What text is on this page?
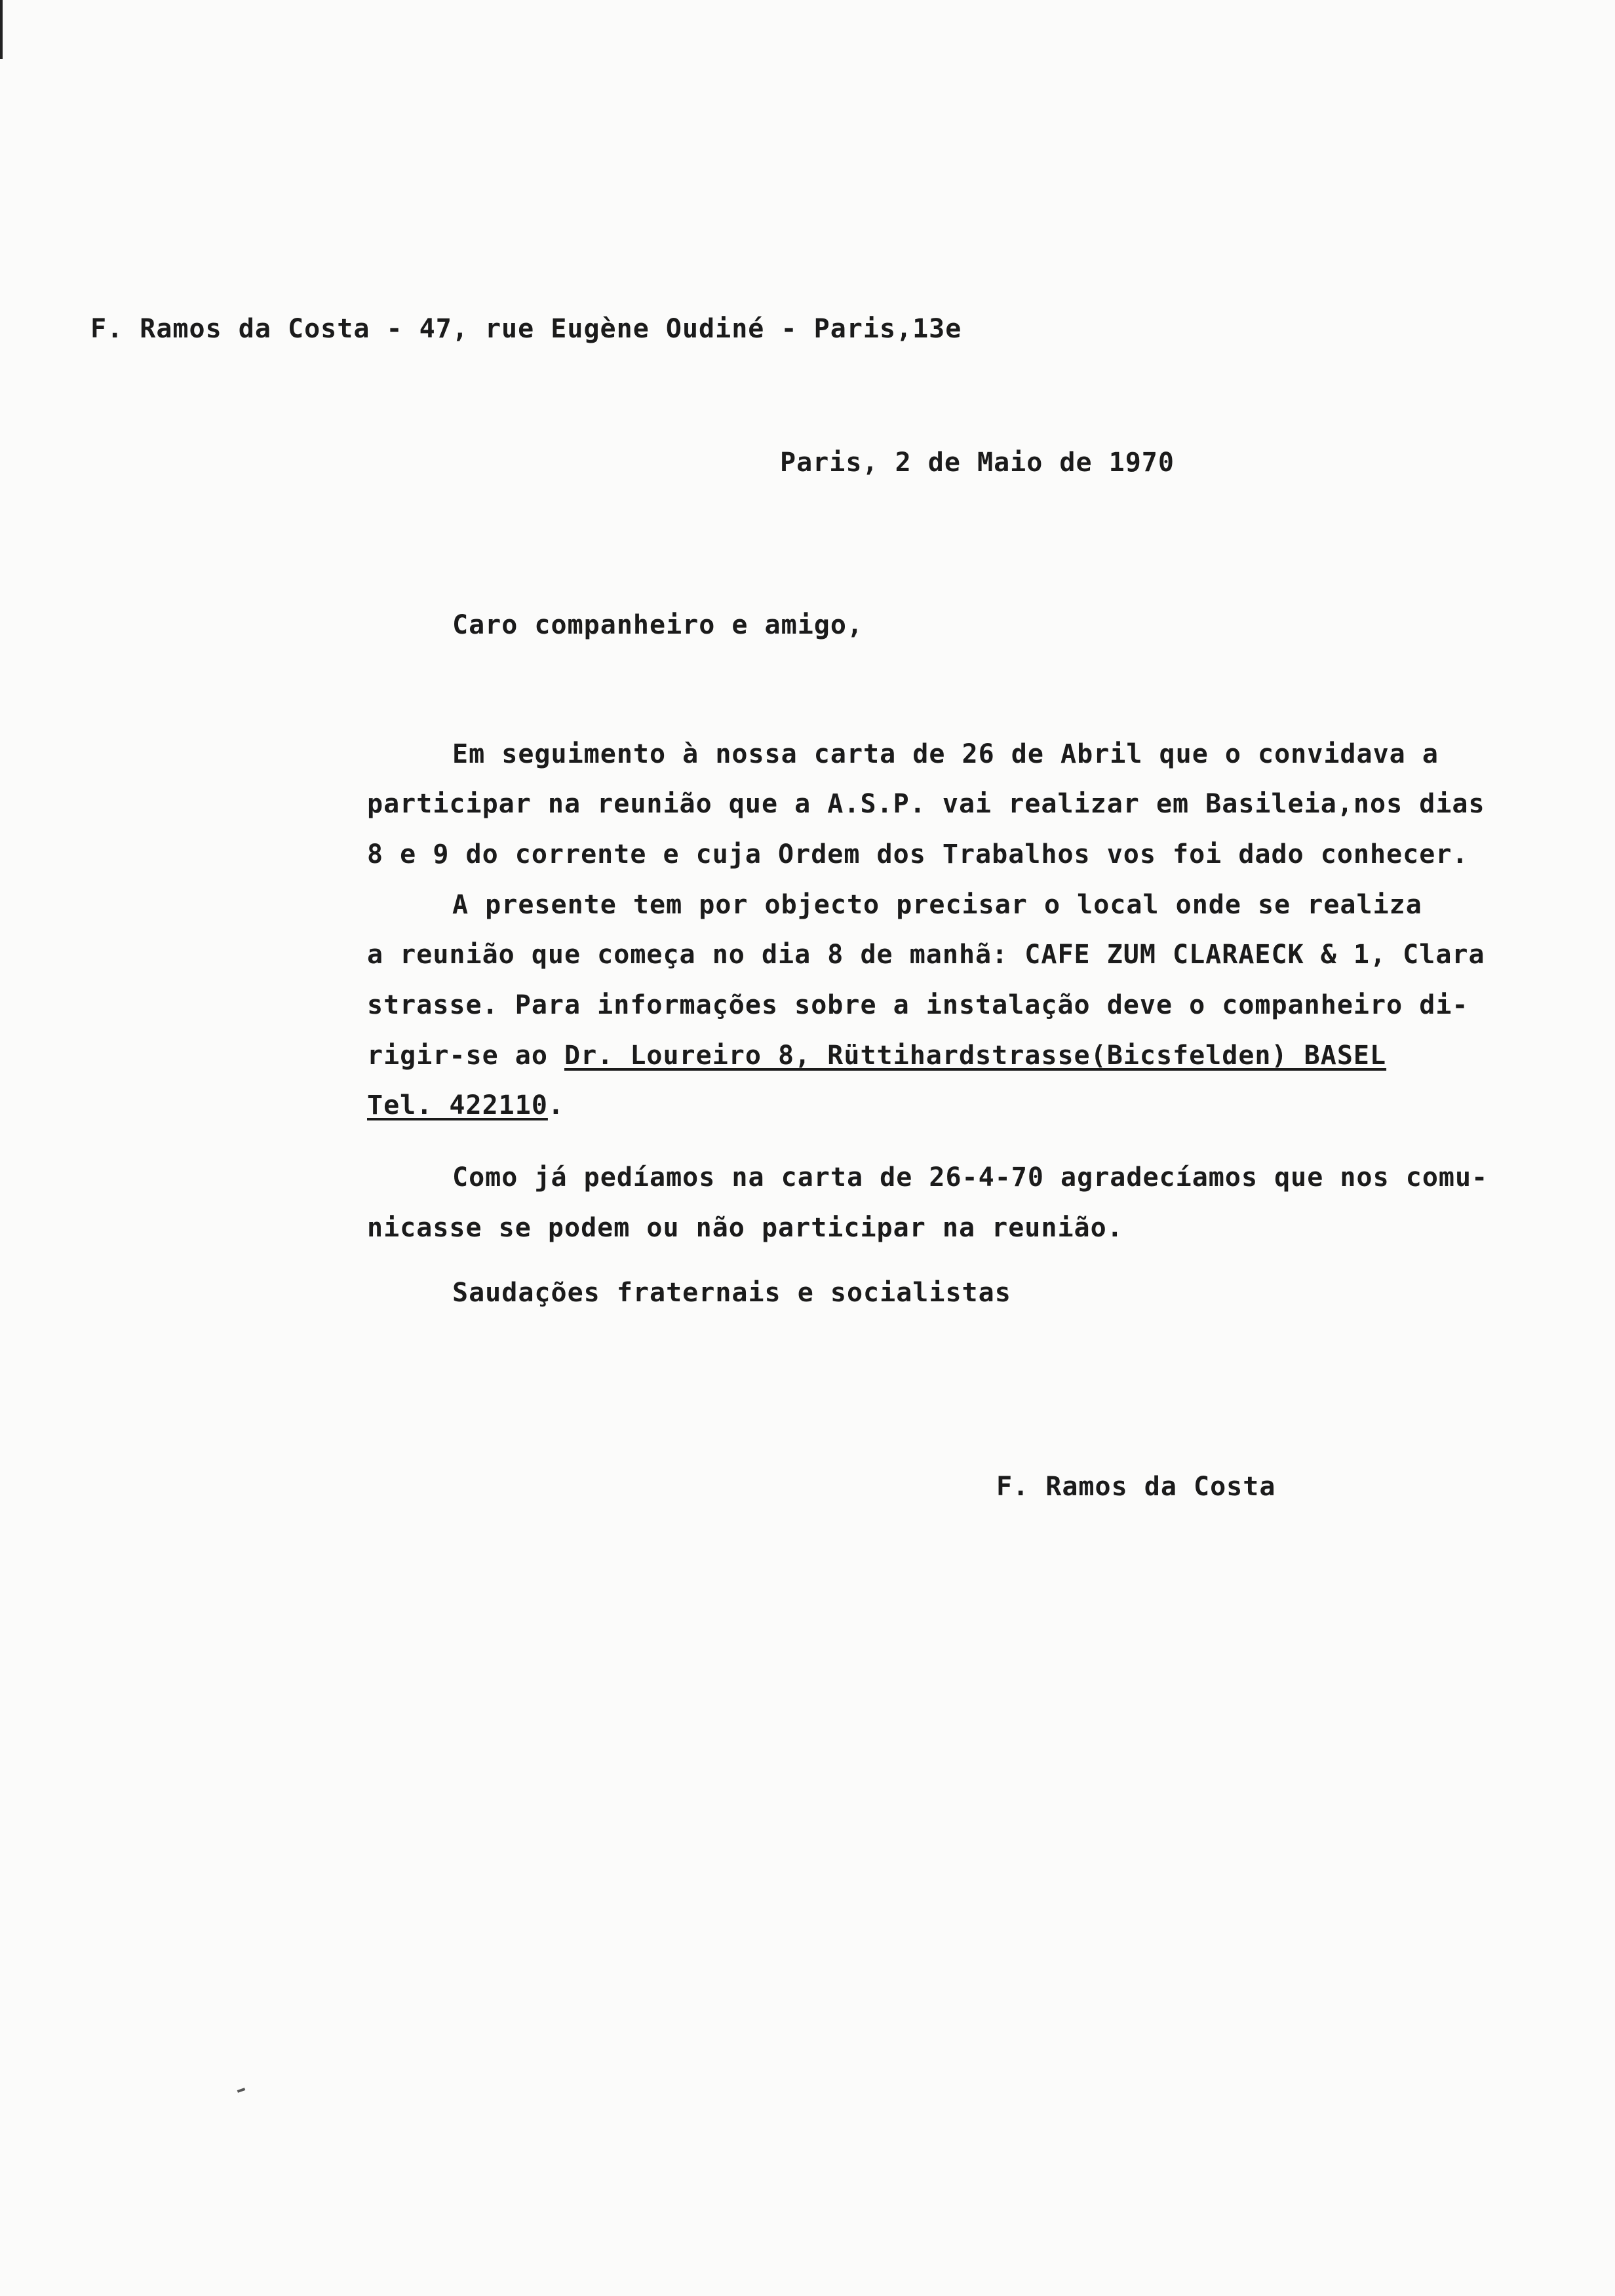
F. Ramos da Costa - 47, rue Eugène Oudiné - Paris,13e

Paris, 2 de Maio de 1970

Caro companheiro e amigo,

Em seguimento à nossa carta de 26 de Abril que o convidava a

participar na reunião que a A.S.P. vai realizar em Basileia,nos dias

8 e 9 do corrente e cuja Ordem dos Trabalhos vos foi dado conhecer.

A presente tem por objecto precisar o local onde se realiza

a reunião que começa no dia 8 de manhã: CAFE ZUM CLARAECK & 1, Clara

strasse. Para informações sobre a instalação deve o companheiro di-

rigir-se ao Dr. Loureiro 8, Rüttihardstrasse(Bicsfelden) BASEL

Tel. 422110.

Como já pedíamos na carta de 26-4-70 agradecíamos que nos comu-

nicasse se podem ou não participar na reunião.

Saudações fraternais e socialistas

F. Ramos da Costa
